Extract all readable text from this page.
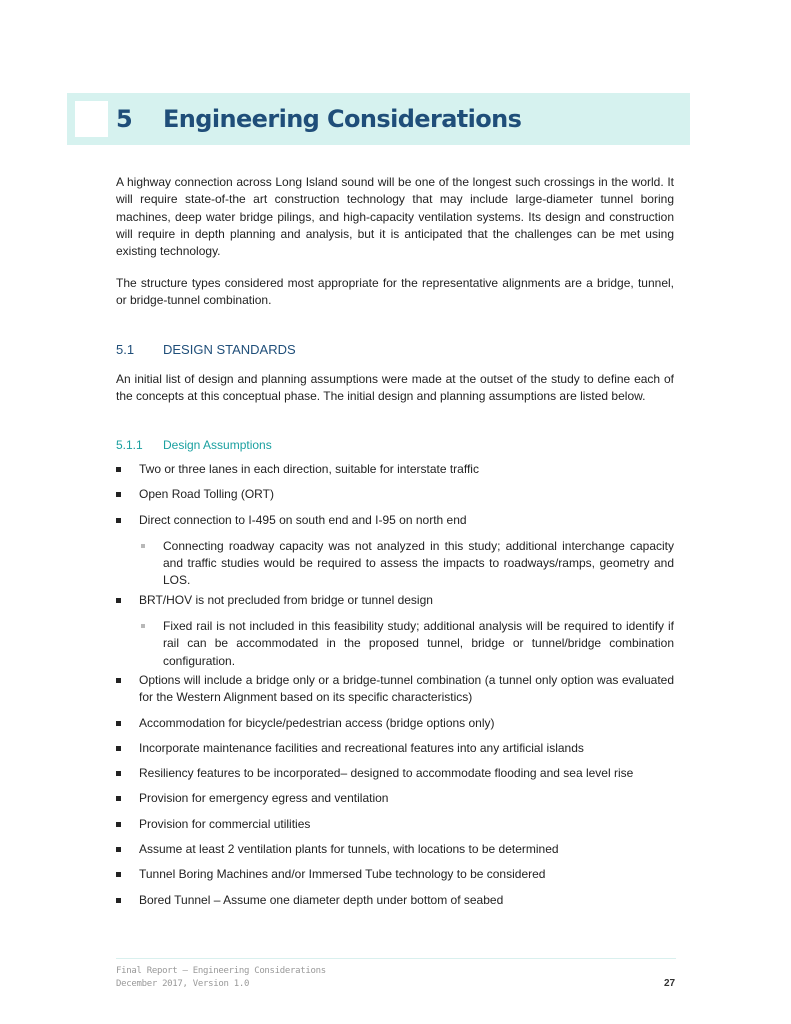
5 Engineering Considerations

A highway connection across Long Island sound will be one of the longest such crossings in the world. It will require state-of-the art construction technology that may include large-diameter tunnel boring machines, deep water bridge pilings, and high-capacity ventilation systems. Its design and construction will require in depth planning and analysis, but it is anticipated that the challenges can be met using existing technology.

The structure types considered most appropriate for the representative alignments are a bridge, tunnel, or bridge-tunnel combination.

5.1 DESIGN STANDARDS

An initial list of design and planning assumptions were made at the outset of the study to define each of the concepts at this conceptual phase. The initial design and planning assumptions are listed below.

5.1.1 Design Assumptions
Two or three lanes in each direction, suitable for interstate traffic
Open Road Tolling (ORT)
Direct connection to I-495 on south end and I-95 on north end
Connecting roadway capacity was not analyzed in this study; additional interchange capacity and traffic studies would be required to assess the impacts to roadways/ramps, geometry and LOS.
BRT/HOV is not precluded from bridge or tunnel design
Fixed rail is not included in this feasibility study; additional analysis will be required to identify if rail can be accommodated in the proposed tunnel, bridge or tunnel/bridge combination configuration.
Options will include a bridge only or a bridge-tunnel combination (a tunnel only option was evaluated for the Western Alignment based on its specific characteristics)
Accommodation for bicycle/pedestrian access (bridge options only)
Incorporate maintenance facilities and recreational features into any artificial islands
Resiliency features to be incorporated– designed to accommodate flooding and sea level rise
Provision for emergency egress and ventilation
Provision for commercial utilities
Assume at least 2 ventilation plants for tunnels, with locations to be determined
Tunnel Boring Machines and/or Immersed Tube technology to be considered
Bored Tunnel – Assume one diameter depth under bottom of seabed
Final Report – Engineering Considerations
December 2017, Version 1.0	27
